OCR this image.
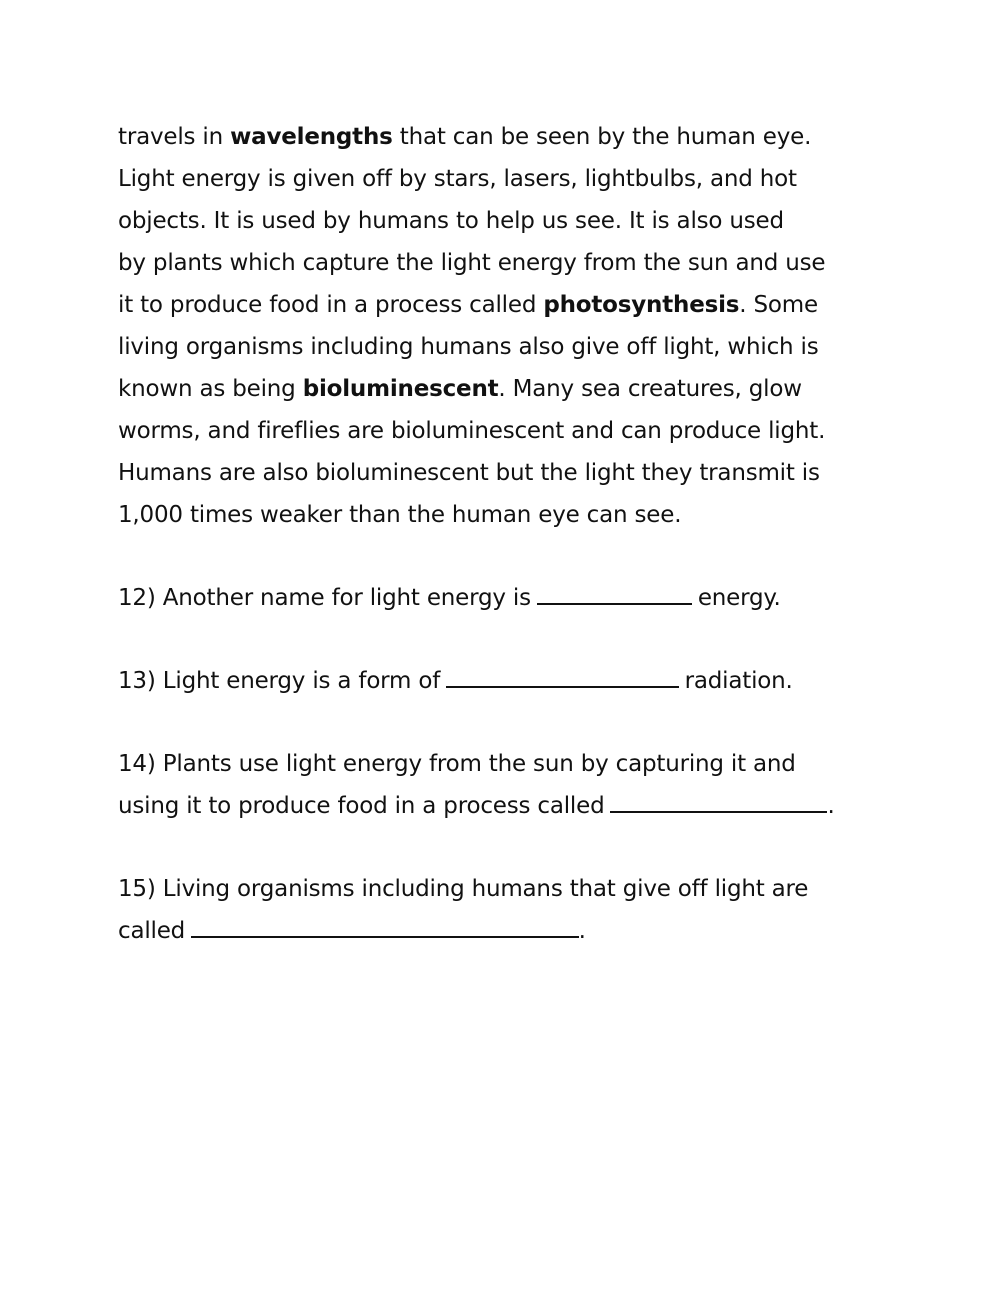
travels in wavelengths that can be seen by the human eye.
Light energy is given off by stars, lasers, lightbulbs, and hot
objects. It is used by humans to help us see. It is also used
by plants which capture the light energy from the sun and use
it to produce food in a process called photosynthesis. Some
living organisms including humans also give off light, which is
known as being bioluminescent. Many sea creatures, glow
worms, and fireflies are bioluminescent and can produce light.
Humans are also bioluminescent but the light they transmit is
1,000 times weaker than the human eye can see.
12) Another name for light energy is	energy.
13) Light energy is a form of	radiation.
14) Plants use light energy from the sun by capturing it and
using it to produce food in a process called	.
15) Living organisms including humans that give off light are
called	.
